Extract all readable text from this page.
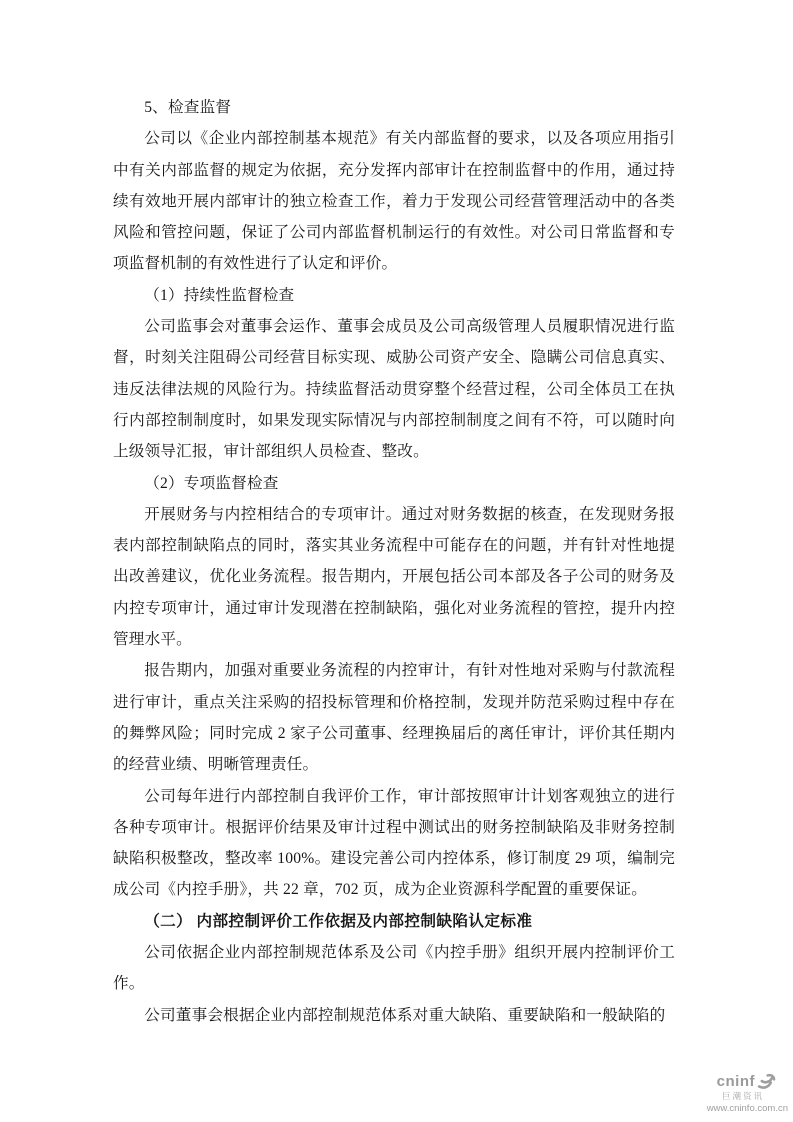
5、检查监督

公司以《企业内部控制基本规范》有关内部监督的要求，以及各项应用指引中有关内部监督的规定为依据，充分发挥内部审计在控制监督中的作用，通过持续有效地开展内部审计的独立检查工作，着力于发现公司经营管理活动中的各类风险和管控问题，保证了公司内部监督机制运行的有效性。对公司日常监督和专项监督机制的有效性进行了认定和评价。

（1）持续性监督检查

公司监事会对董事会运作、董事会成员及公司高级管理人员履职情况进行监督，时刻关注阻碍公司经营目标实现、威胁公司资产安全、隐瞒公司信息真实、违反法律法规的风险行为。持续监督活动贯穿整个经营过程，公司全体员工在执行内部控制制度时，如果发现实际情况与内部控制制度之间有不符，可以随时向上级领导汇报，审计部组织人员检查、整改。

（2）专项监督检查

开展财务与内控相结合的专项审计。通过对财务数据的核查，在发现财务报表内部控制缺陷点的同时，落实其业务流程中可能存在的问题，并有针对性地提出改善建议，优化业务流程。报告期内，开展包括公司本部及各子公司的财务及内控专项审计，通过审计发现潜在控制缺陷，强化对业务流程的管控，提升内控管理水平。

报告期内，加强对重要业务流程的内控审计，有针对性地对采购与付款流程进行审计，重点关注采购的招投标管理和价格控制，发现并防范采购过程中存在的舞弊风险；同时完成 2 家子公司董事、经理换届后的离任审计，评价其任期内的经营业绩、明晰管理责任。

公司每年进行内部控制自我评价工作，审计部按照审计计划客观独立的进行各种专项审计。根据评价结果及审计过程中测试出的财务控制缺陷及非财务控制缺陷积极整改，整改率 100%。建设完善公司内控体系，修订制度 29 项，编制完成公司《内控手册》，共 22 章，702 页，成为企业资源科学配置的重要保证。

（二） 内部控制评价工作依据及内部控制缺陷认定标准

公司依据企业内部控制规范体系及公司《内控手册》组织开展内控制评价工作。

公司董事会根据企业内部控制规范体系对重大缺陷、重要缺陷和一般缺陷的

cninf
巨潮资讯
www.cninfo.com.cn
